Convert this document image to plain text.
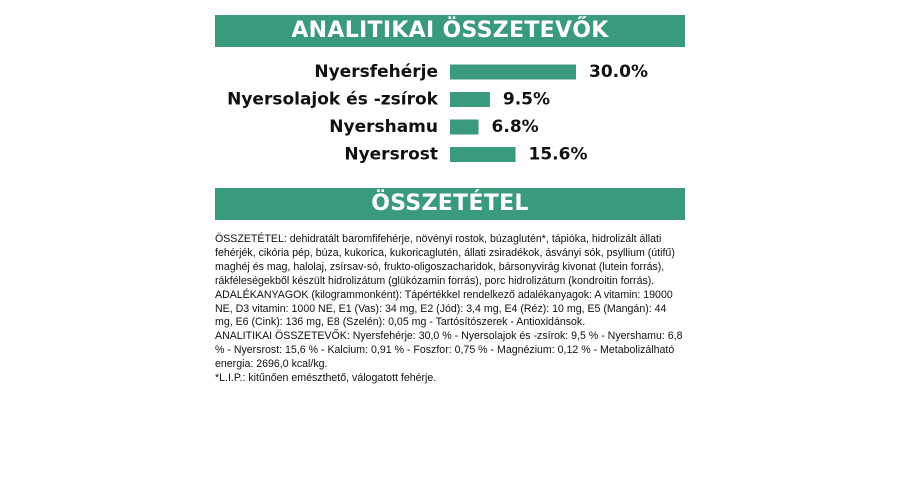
ANALITIKAI ÖSSZETEVŐK
Nyersfehérje	30.0%
Nyersolajok és -zsírok	9.5%
Nyershamu	6.8%
Nyersrost	15.6%
ÖSSZETÉTEL

ÖSSZETÉTEL: dehidratált baromfifehérje, növényi rostok, búzaglutén*, tápióka, hidrolizált állati fehérjék, cikória pép, búza, kukorica, kukoricaglutén, állati zsiradékok, ásványi sók, psyllium (útifű) maghéj és mag, halolaj, zsírsav-só, frukto-oligoszacharidok, bársonyvirág kivonat (lutein forrás), rákféleségekből készült hidrolizátum (glükózamin forrás), porc hidrolizátum (kondroitin forrás).

ADALÉKANYAGOK (kilogrammonként): Tápértékkel rendelkező adalékanyagok: A vitamin: 19000 NE, D3 vitamin: 1000 NE, E1 (Vas): 34 mg, E2 (Jód): 3,4 mg, E4 (Réz): 10 mg, E5 (Mangán): 44 mg, E6 (Cink): 136 mg, E8 (Szelén): 0,05 mg - Tartósítószerek - Antioxidánsok.

ANALITIKAI ÖSSZETEVŐK: Nyersfehérje: 30,0 % - Nyersolajok és -zsírok: 9,5 % - Nyershamu: 6,8 % - Nyersrost: 15,6 % - Kalcium: 0,91 % - Foszfor: 0,75 % - Magnézium: 0,12 % - Metabolizálható energia: 2696,0 kcal/kg.

*L.I.P.: kitűnően emészthető, válogatott fehérje.
